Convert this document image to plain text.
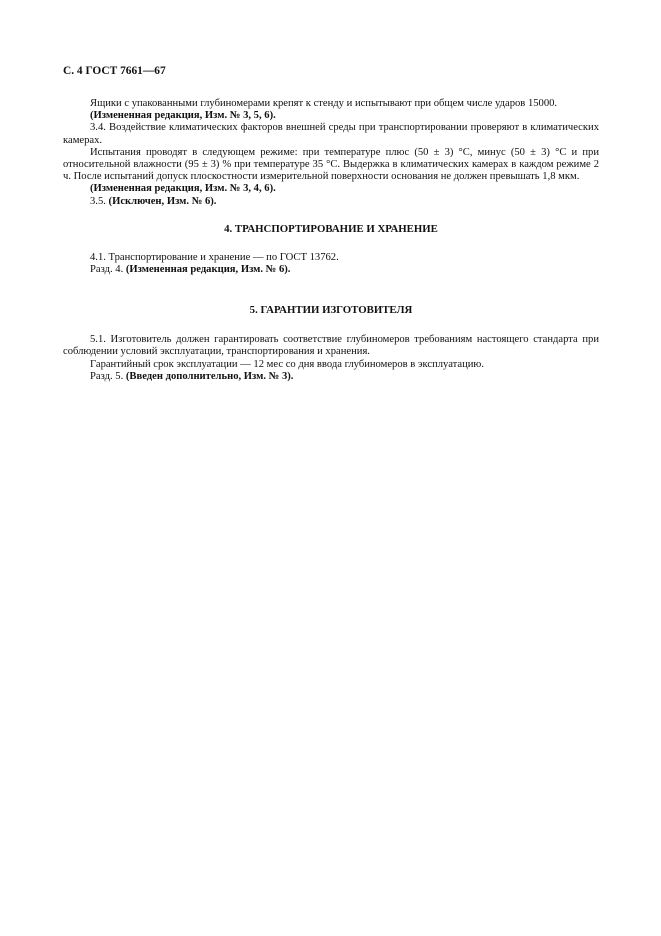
С. 4 ГОСТ 7661—67

Ящики с упакованными глубиномерами крепят к стенду и испытывают при общем числе ударов 15000.

(Измененная редакция, Изм. № 3, 5, 6).

3.4. Воздействие климатических факторов внешней среды при транспортировании проверяют в климатических камерах.

Испытания проводят в следующем режиме: при температуре плюс (50 ± 3) °С, минус (50 ± 3) °С и при относительной влажности (95 ± 3) % при температуре 35 °С. Выдержка в климатических камерах в каждом режиме 2 ч. После испытаний допуск плоскостности измерительной поверхности основания не должен превышать 1,8 мкм.

(Измененная редакция, Изм. № 3, 4, 6).

3.5. (Исключен, Изм. № 6).

4. ТРАНСПОРТИРОВАНИЕ И ХРАНЕНИЕ

4.1. Транспортирование и хранение — по ГОСТ 13762.

Разд. 4. (Измененная редакция, Изм. № 6).

5. ГАРАНТИИ ИЗГОТОВИТЕЛЯ

5.1. Изготовитель должен гарантировать соответствие глубиномеров требованиям настоящего стандарта при соблюдении условий эксплуатации, транспортирования и хранения.

Гарантийный срок эксплуатации — 12 мес со дня ввода глубиномеров в эксплуатацию.

Разд. 5. (Введен дополнительно, Изм. № 3).
